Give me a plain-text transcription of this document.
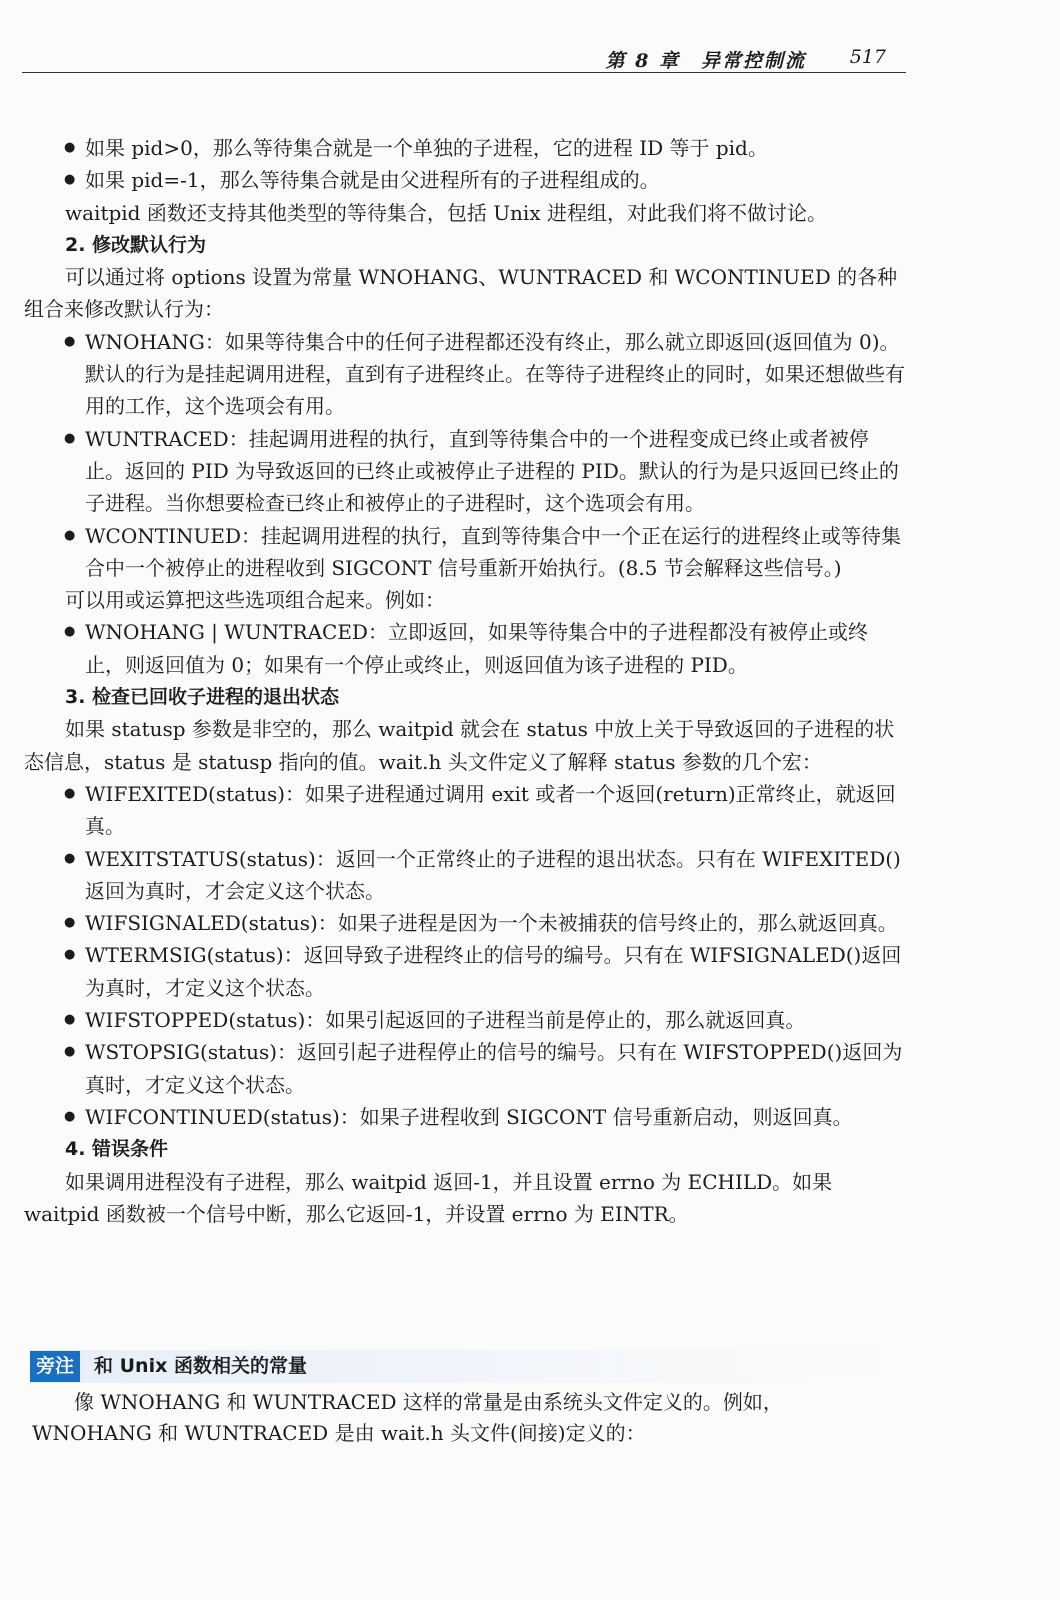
第 8 章　异常控制流 517
● 如果 pid>0，那么等待集合就是一个单独的子进程，它的进程 ID 等于 pid。
● 如果 pid=-1，那么等待集合就是由父进程所有的子进程组成的。

waitpid 函数还支持其他类型的等待集合，包括 Unix 进程组，对此我们将不做讨论。

2. 修改默认行为

可以通过将 options 设置为常量 WNOHANG、WUNTRACED 和 WCONTINUED 的各种组合来修改默认行为：

● WNOHANG：如果等待集合中的任何子进程都还没有终止，那么就立即返回(返回值为 0)。默认的行为是挂起调用进程，直到有子进程终止。在等待子进程终止的同时，如果还想做些有用的工作，这个选项会有用。
● WUNTRACED：挂起调用进程的执行，直到等待集合中的一个进程变成已终止或者被停止。返回的 PID 为导致返回的已终止或被停止子进程的 PID。默认的行为是只返回已终止的子进程。当你想要检查已终止和被停止的子进程时，这个选项会有用。
● WCONTINUED：挂起调用进程的执行，直到等待集合中一个正在运行的进程终止或等待集合中一个被停止的进程收到 SIGCONT 信号重新开始执行。(8.5 节会解释这些信号。)

可以用或运算把这些选项组合起来。例如：

● WNOHANG | WUNTRACED：立即返回，如果等待集合中的子进程都没有被停止或终止，则返回值为 0；如果有一个停止或终止，则返回值为该子进程的 PID。

3. 检查已回收子进程的退出状态

如果 statusp 参数是非空的，那么 waitpid 就会在 status 中放上关于导致返回的子进程的状态信息，status 是 statusp 指向的值。wait.h 头文件定义了解释 status 参数的几个宏：

● WIFEXITED(status)：如果子进程通过调用 exit 或者一个返回(return)正常终止，就返回真。
● WEXITSTATUS(status)：返回一个正常终止的子进程的退出状态。只有在 WIFEXITED()返回为真时，才会定义这个状态。
● WIFSIGNALED(status)：如果子进程是因为一个未被捕获的信号终止的，那么就返回真。
● WTERMSIG(status)：返回导致子进程终止的信号的编号。只有在 WIFSIGNALED()返回为真时，才定义这个状态。
● WIFSTOPPED(status)：如果引起返回的子进程当前是停止的，那么就返回真。
● WSTOPSIG(status)：返回引起子进程停止的信号的编号。只有在 WIFSTOPPED()返回为真时，才定义这个状态。
● WIFCONTINUED(status)：如果子进程收到 SIGCONT 信号重新启动，则返回真。

4. 错误条件

如果调用进程没有子进程，那么 waitpid 返回-1，并且设置 errno 为 ECHILD。如果 waitpid 函数被一个信号中断，那么它返回-1，并设置 errno 为 EINTR。

旁注	和 Unix 函数相关的常量

像 WNOHANG 和 WUNTRACED 这样的常量是由系统头文件定义的。例如，WNOHANG 和 WUNTRACED 是由 wait.h 头文件(间接)定义的：
